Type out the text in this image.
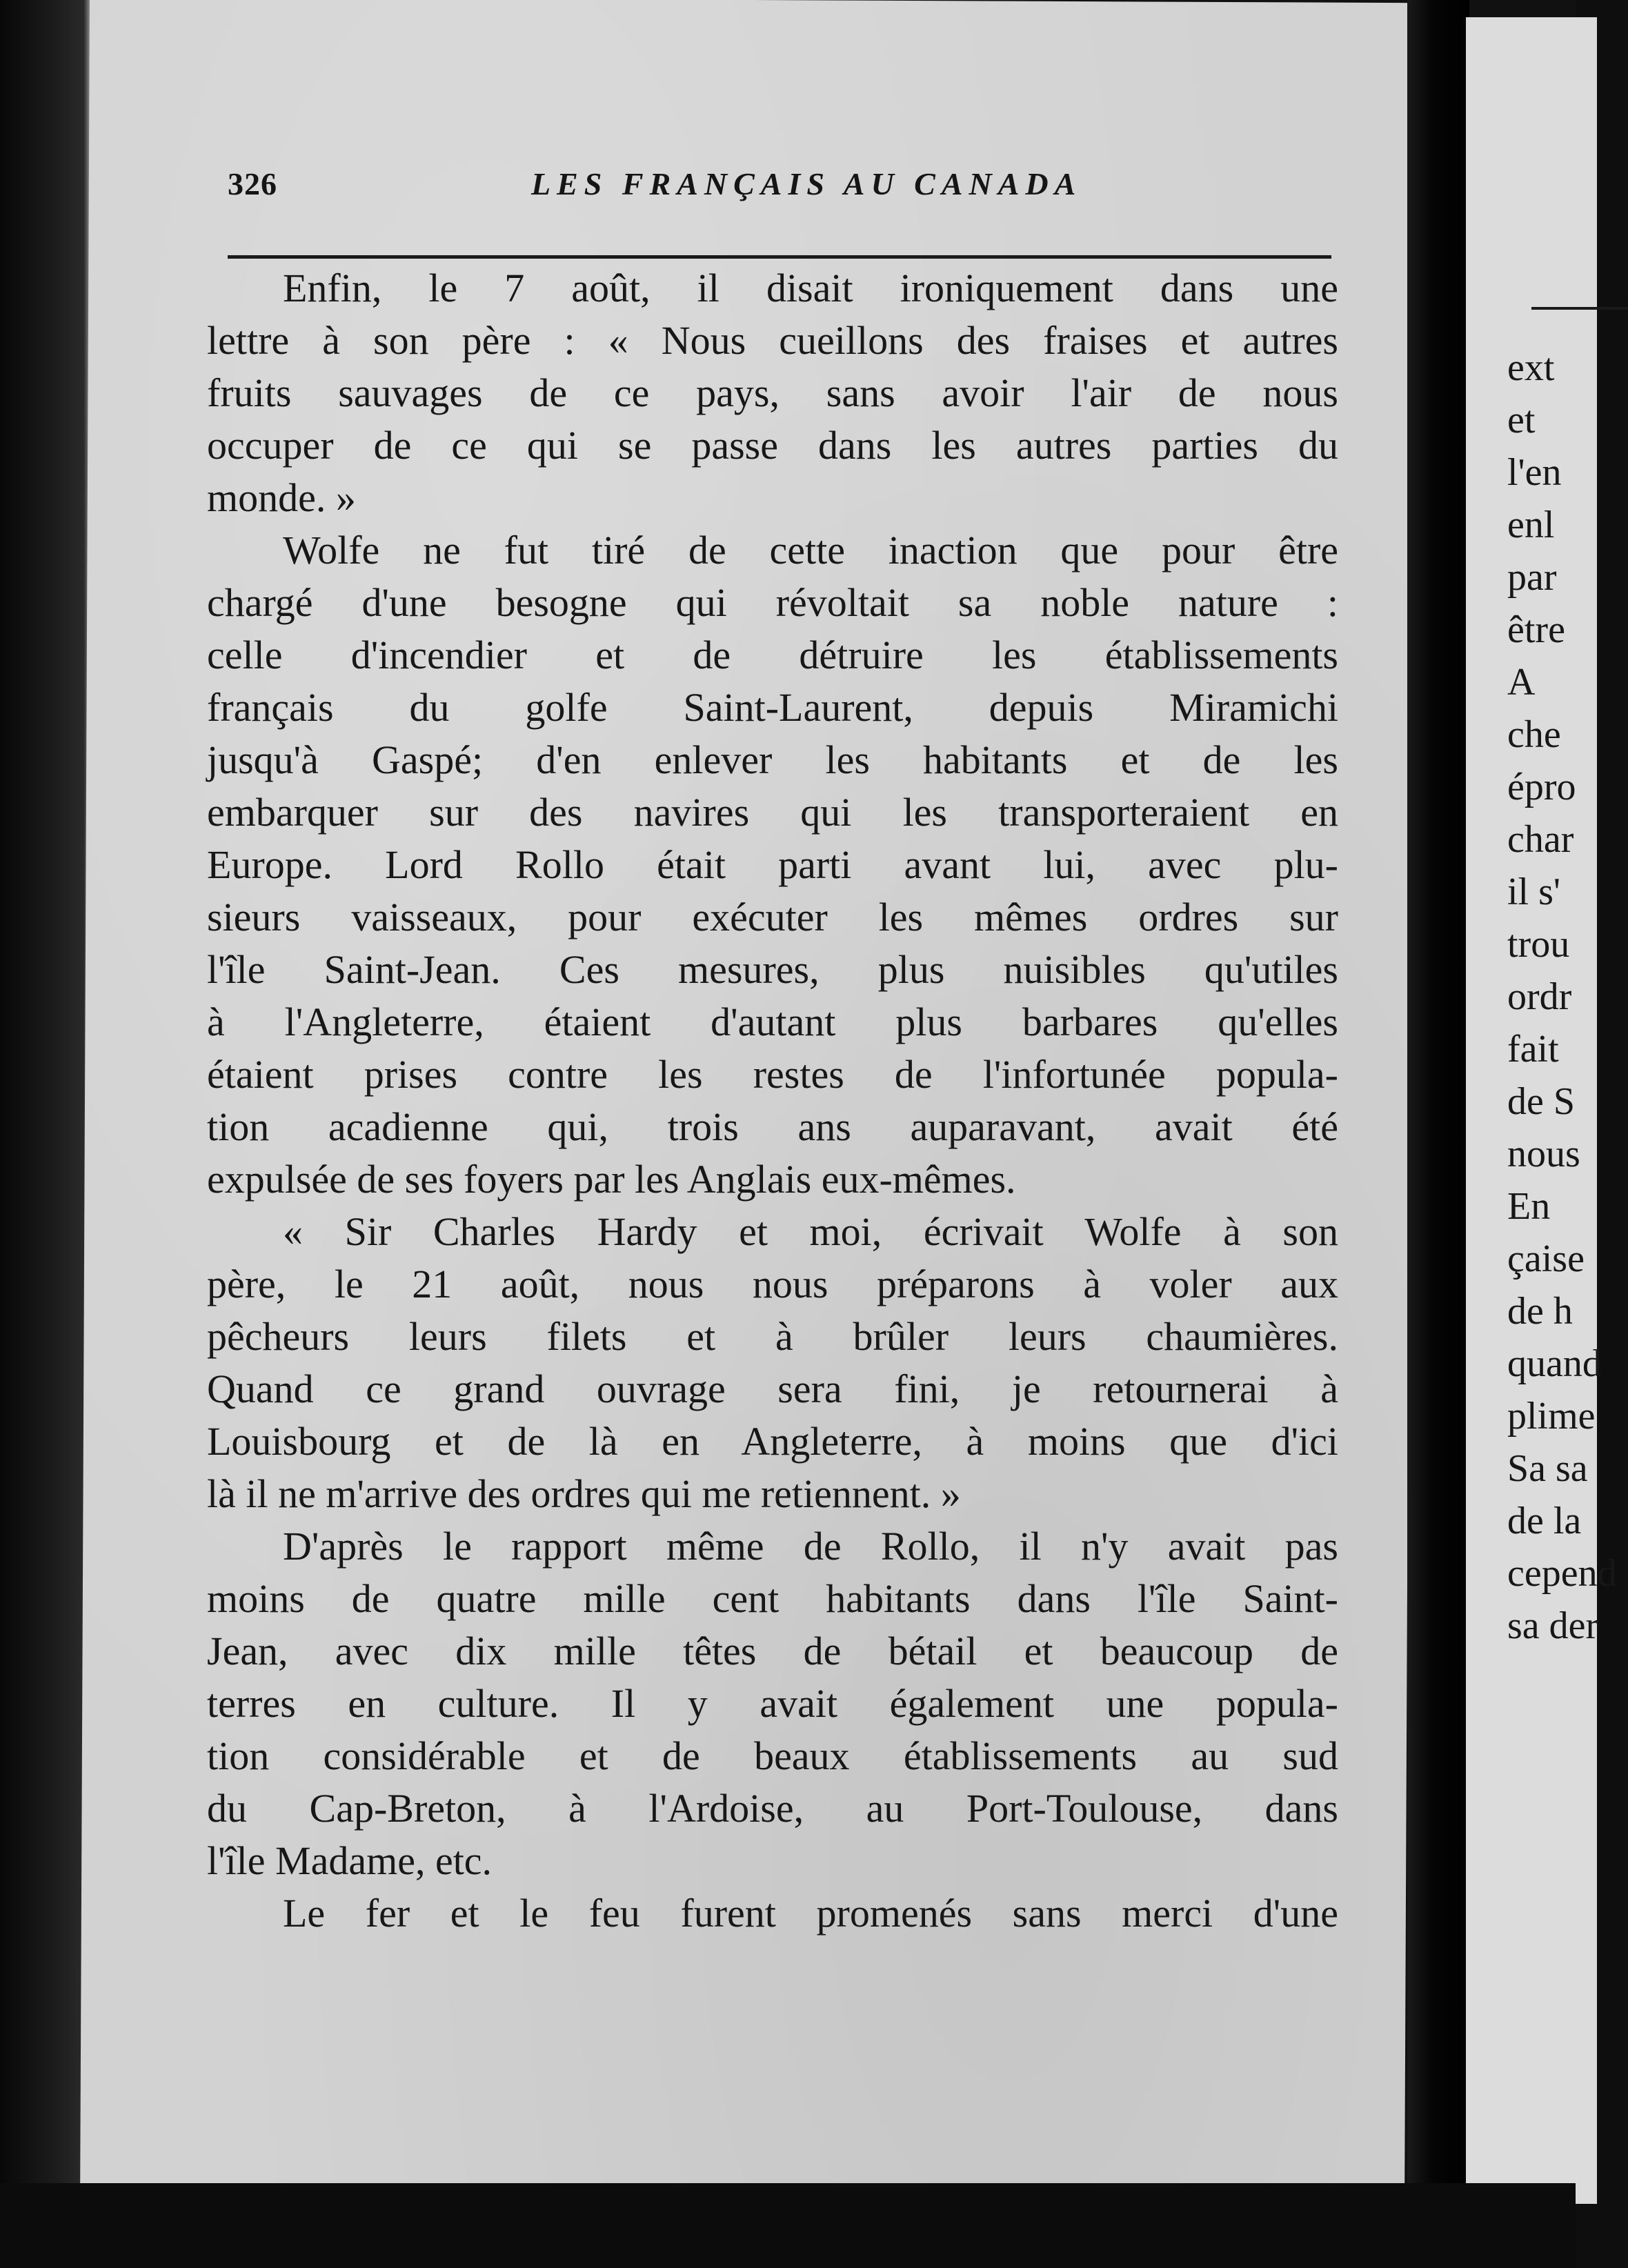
326	LES FRANÇAIS AU CANADA
Enfin, le 7 août, il disait ironiquement dans une
lettre à son père : « Nous cueillons des fraises et autres
fruits sauvages de ce pays, sans avoir l'air de nous
occuper de ce qui se passe dans les autres parties du
monde. »
Wolfe ne fut tiré de cette inaction que pour être
chargé d'une besogne qui révoltait sa noble nature :
celle d'incendier et de détruire les établissements
français du golfe Saint-Laurent, depuis Miramichi
jusqu'à Gaspé; d'en enlever les habitants et de les
embarquer sur des navires qui les transporteraient en
Europe. Lord Rollo était parti avant lui, avec plu-
sieurs vaisseaux, pour exécuter les mêmes ordres sur
l'île Saint-Jean. Ces mesures, plus nuisibles qu'utiles
à l'Angleterre, étaient d'autant plus barbares qu'elles
étaient prises contre les restes de l'infortunée popula-
tion acadienne qui, trois ans auparavant, avait été
expulsée de ses foyers par les Anglais eux-mêmes.
« Sir Charles Hardy et moi, écrivait Wolfe à son
père, le 21 août, nous nous préparons à voler aux
pêcheurs leurs filets et à brûler leurs chaumières.
Quand ce grand ouvrage sera fini, je retournerai à
Louisbourg et de là en Angleterre, à moins que d'ici
là il ne m'arrive des ordres qui me retiennent. »
D'après le rapport même de Rollo, il n'y avait pas
moins de quatre mille cent habitants dans l'île Saint-
Jean, avec dix mille têtes de bétail et beaucoup de
terres en culture. Il y avait également une popula-
tion considérable et de beaux établissements au sud
du Cap-Breton, à l'Ardoise, au Port-Toulouse, dans
l'île Madame, etc.
Le fer et le feu furent promenés sans merci d'une
ext
et
l'en
enl
par
être
A
che
épro
char
il s'
trou
ordr
fait
de S
nous
En
çaise
de h
quand
plime
Sa sa
de la
cepend
sa der
